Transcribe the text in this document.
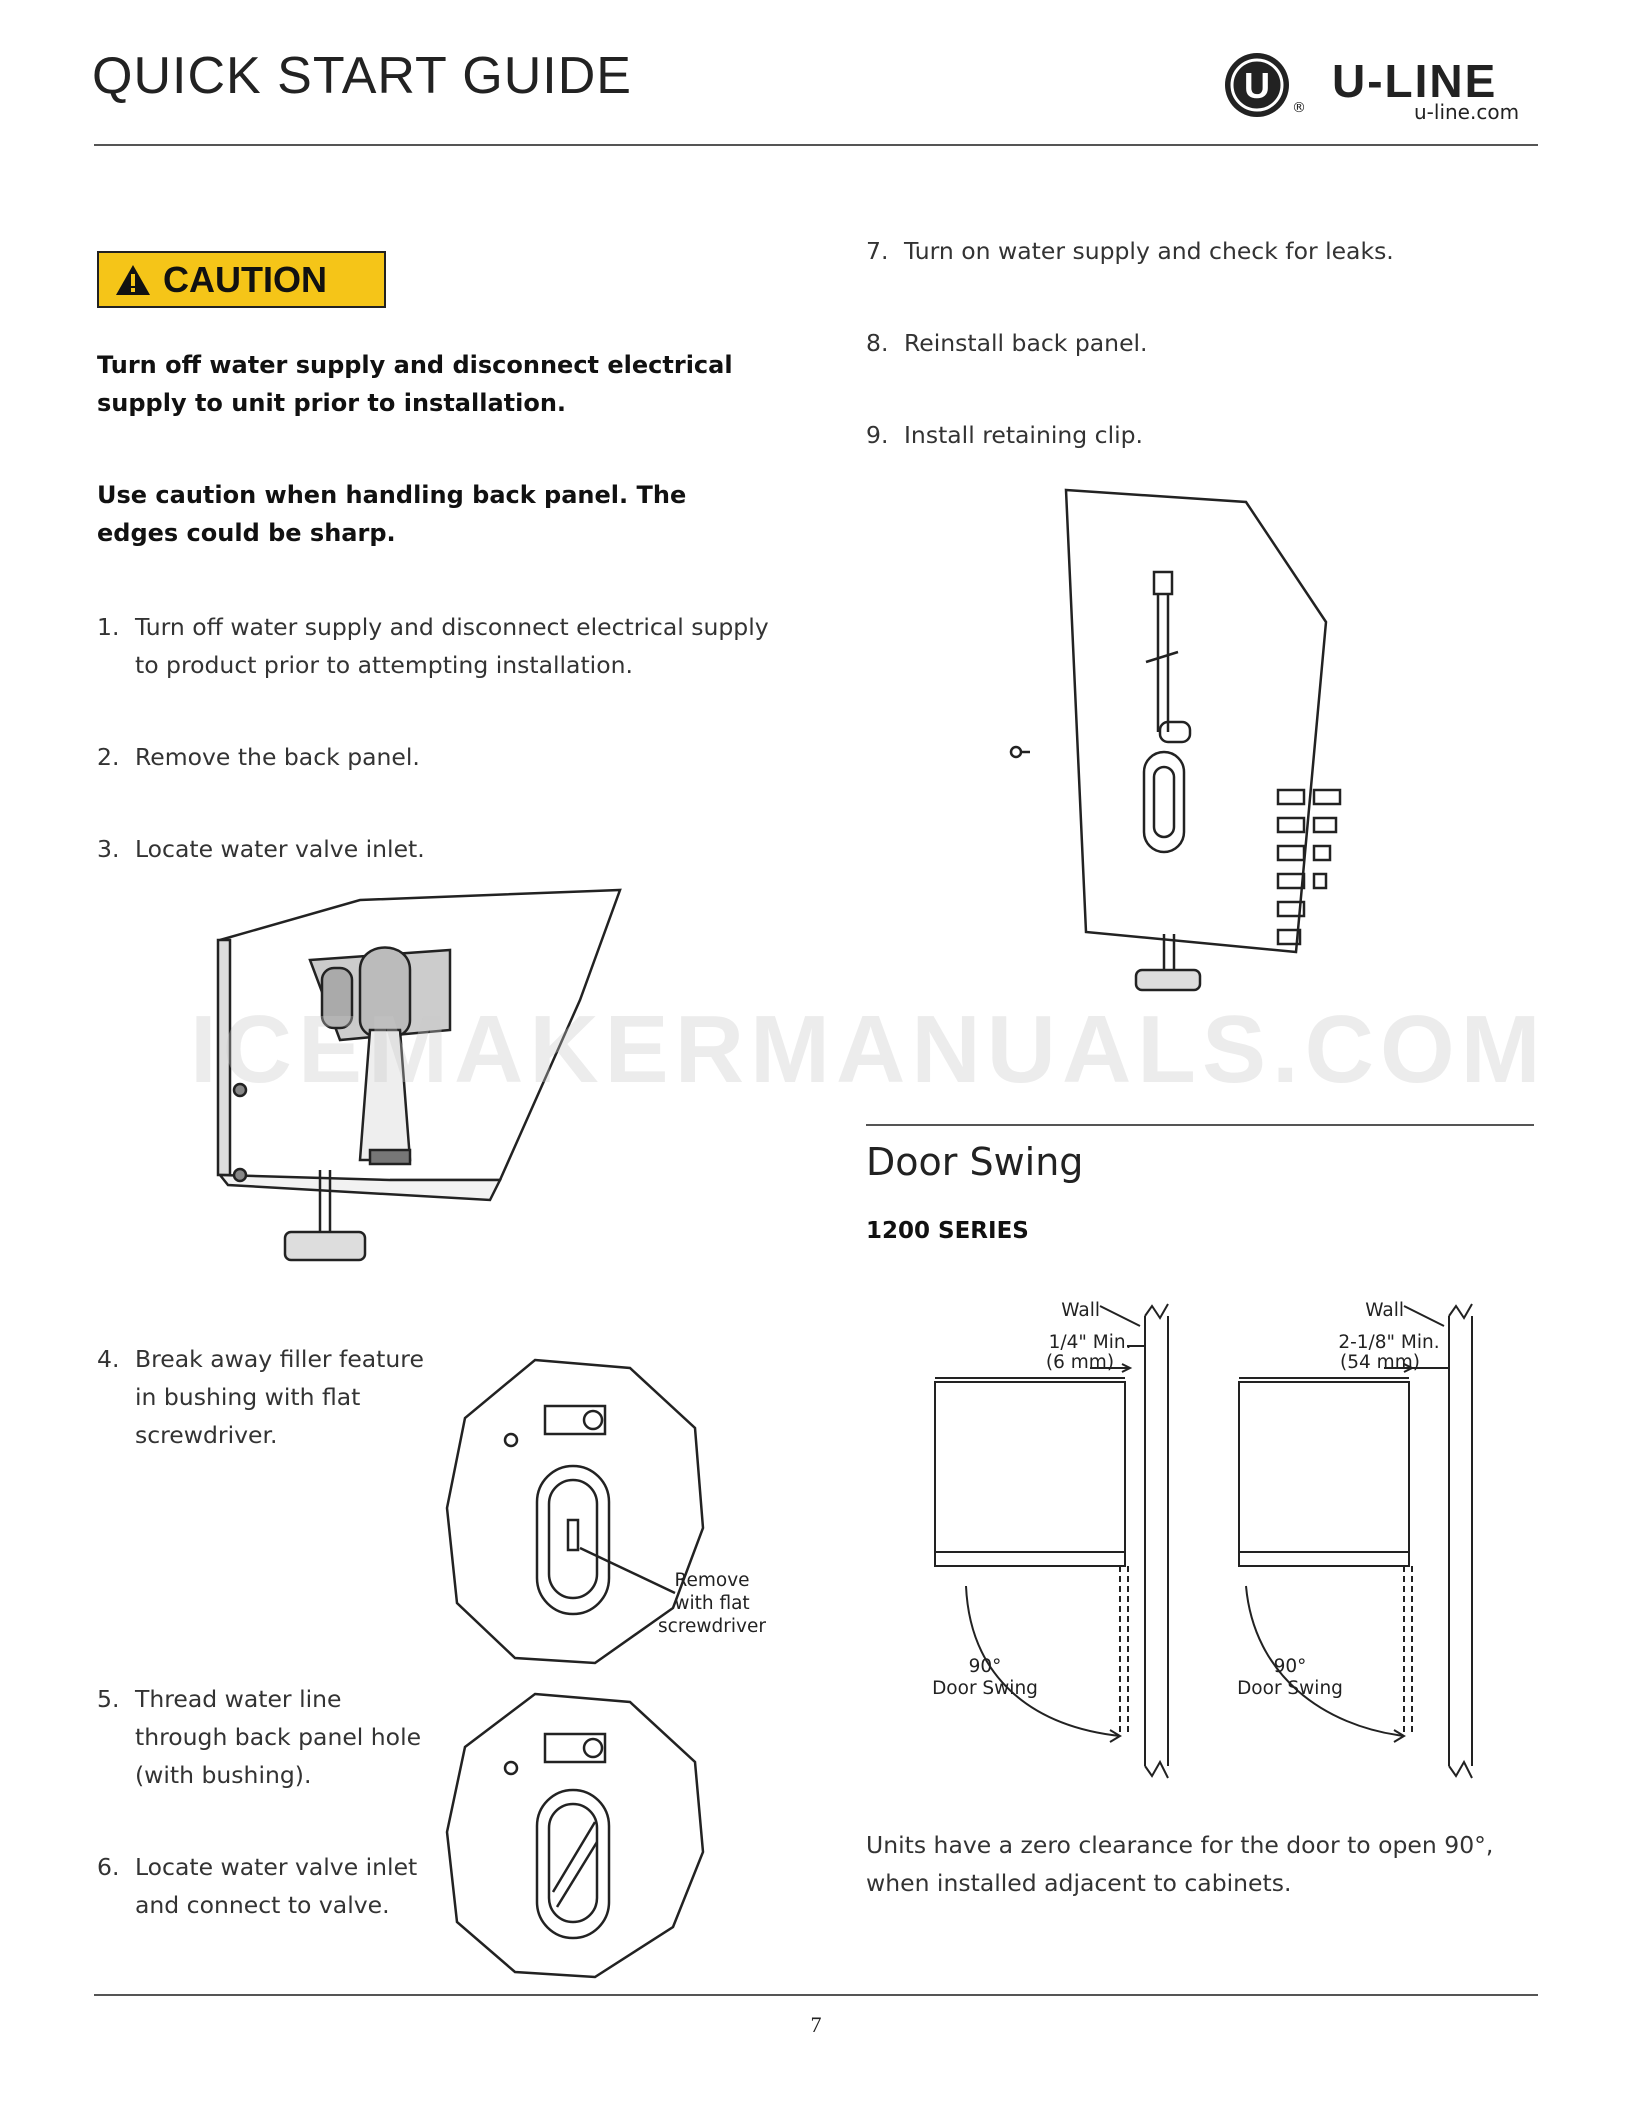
QUICK START GUIDE	U
®
U-LINE
u-line.com
CAUTION
Turn off water supply and disconnect electrical supply to unit prior to installation.
Use caution when handling back panel. The edges could be sharp.
1. Turn off water supply and disconnect electrical supply to product prior to attempting installation.
2. Remove the back panel.
3. Locate water valve inlet.
ICEMAKERMANUALS.COM
4. Break away filler feature in bushing with flat screwdriver.
Remove
with flat
screwdriver
5. Thread water line through back panel hole (with bushing).
6. Locate water valve inlet and connect to valve.
7. Turn on water supply and check for leaks.
8. Reinstall back panel.
9. Install retaining clip.
Door Swing
1200 SERIES
Wall
1/4" Min.
(6 mm)
90°
Door Swing
Wall
2-1/8" Min.
(54 mm)
90°
Door Swing
Units have a zero clearance for the door to open 90°, when installed adjacent to cabinets.
7
